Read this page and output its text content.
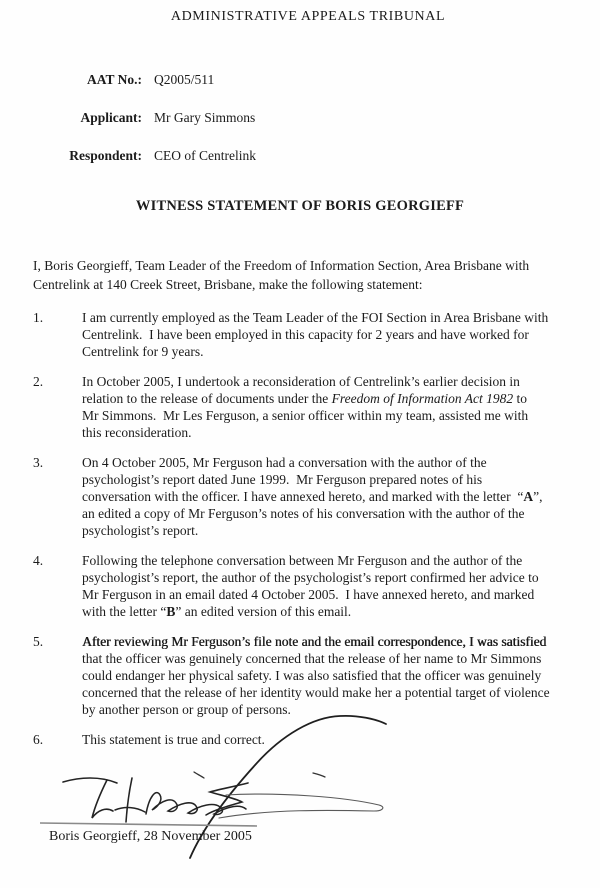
ADMINISTRATIVE APPEALS TRIBUNAL
AAT No.: Q2005/511
Applicant: Mr Gary Simmons
Respondent: CEO of Centrelink
WITNESS STATEMENT OF BORIS GEORGIEFF
I, Boris Georgieff, Team Leader of the Freedom of Information Section, Area Brisbane with
Centrelink at 140 Creek Street, Brisbane, make the following statement:
1.	I am currently employed as the Team Leader of the FOI Section in Area Brisbane with
Centrelink.  I have been employed in this capacity for 2 years and have worked for
Centrelink for 9 years.
2.	In October 2005, I undertook a reconsideration of Centrelink’s earlier decision in
relation to the release of documents under the Freedom of Information Act 1982 to
Mr Simmons.  Mr Les Ferguson, a senior officer within my team, assisted me with
this reconsideration.
3.	On 4 October 2005, Mr Ferguson had a conversation with the author of the
psychologist’s report dated June 1999.  Mr Ferguson prepared notes of his
conversation with the officer. I have annexed hereto, and marked with the letter  “A”,
an edited a copy of Mr Ferguson’s notes of his conversation with the author of the
psychologist’s report.
4.	Following the telephone conversation between Mr Ferguson and the author of the
psychologist’s report, the author of the psychologist’s report confirmed her advice to
Mr Ferguson in an email dated 4 October 2005.  I have annexed hereto, and marked
with the letter “B” an edited version of this email.
5.	After reviewing Mr Ferguson’s file note and the email correspondence, I was satisfied
that the officer was genuinely concerned that the release of her name to Mr Simmons
could endanger her physical safety. I was also satisfied that the officer was genuinely
concerned that the release of her identity would make her a potential target of violence
by another person or group of persons.
6.	This statement is true and correct.
Boris Georgieff, 28 November 2005
